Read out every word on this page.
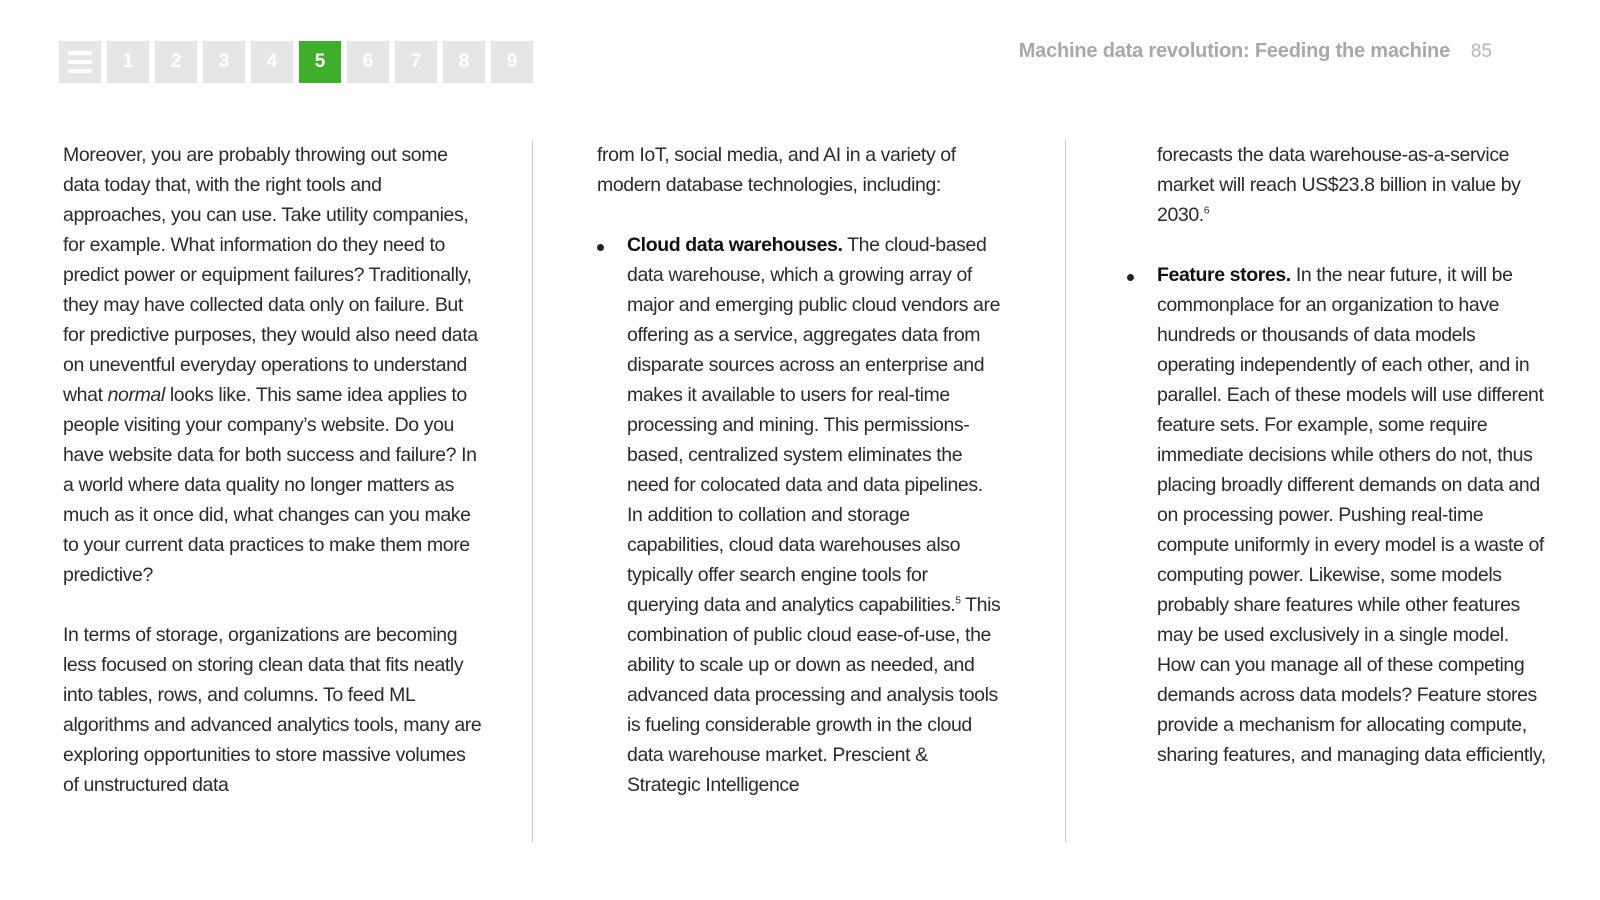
1	2	3	4	5	6	7	8	9	Machine data revolution: Feeding the machine 85

Moreover, you are probably throwing out some data today that, with the right tools and approaches, you can use. Take utility companies, for example. What information do they need to predict power or equipment failures? Traditionally, they may have collected data only on failure. But for predictive purposes, they would also need data on uneventful everyday operations to understand what normal looks like. This same idea applies to people visiting your company’s website. Do you have website data for both success and failure? In a world where data quality no longer matters as much as it once did, what changes can you make to your current data practices to make them more predictive?

In terms of storage, organizations are becoming less focused on storing clean data that fits neatly into tables, rows, and columns. To feed ML algorithms and advanced analytics tools, many are exploring opportunities to store massive volumes of unstructured data

from IoT, social media, and AI in a variety of modern database technologies, including:

Cloud data warehouses. The cloud-based data warehouse, which a growing array of major and emerging public cloud vendors are offering as a service, aggregates data from disparate sources across an enterprise and makes it available to users for real-time processing and mining. This permissions-based, centralized system eliminates the need for colocated data and data pipelines. In addition to collation and storage capabilities, cloud data warehouses also typically offer search engine tools for querying data and analytics capabilities.$^5$ This combination of public cloud ease-of-use, the ability to scale up or down as needed, and advanced data processing and analysis tools is fueling considerable growth in the cloud data warehouse market. Prescient & Strategic Intelligence

forecasts the data warehouse-as-a-service market will reach US$23.8 billion in value by 2030.$^6$

Feature stores. In the near future, it will be commonplace for an organization to have hundreds or thousands of data models operating independently of each other, and in parallel. Each of these models will use different feature sets. For example, some require immediate decisions while others do not, thus placing broadly different demands on data and on processing power. Pushing real-time compute uniformly in every model is a waste of computing power. Likewise, some models probably share features while other features may be used exclusively in a single model. How can you manage all of these competing demands across data models? Feature stores provide a mechanism for allocating compute, sharing features, and managing data efficiently,
